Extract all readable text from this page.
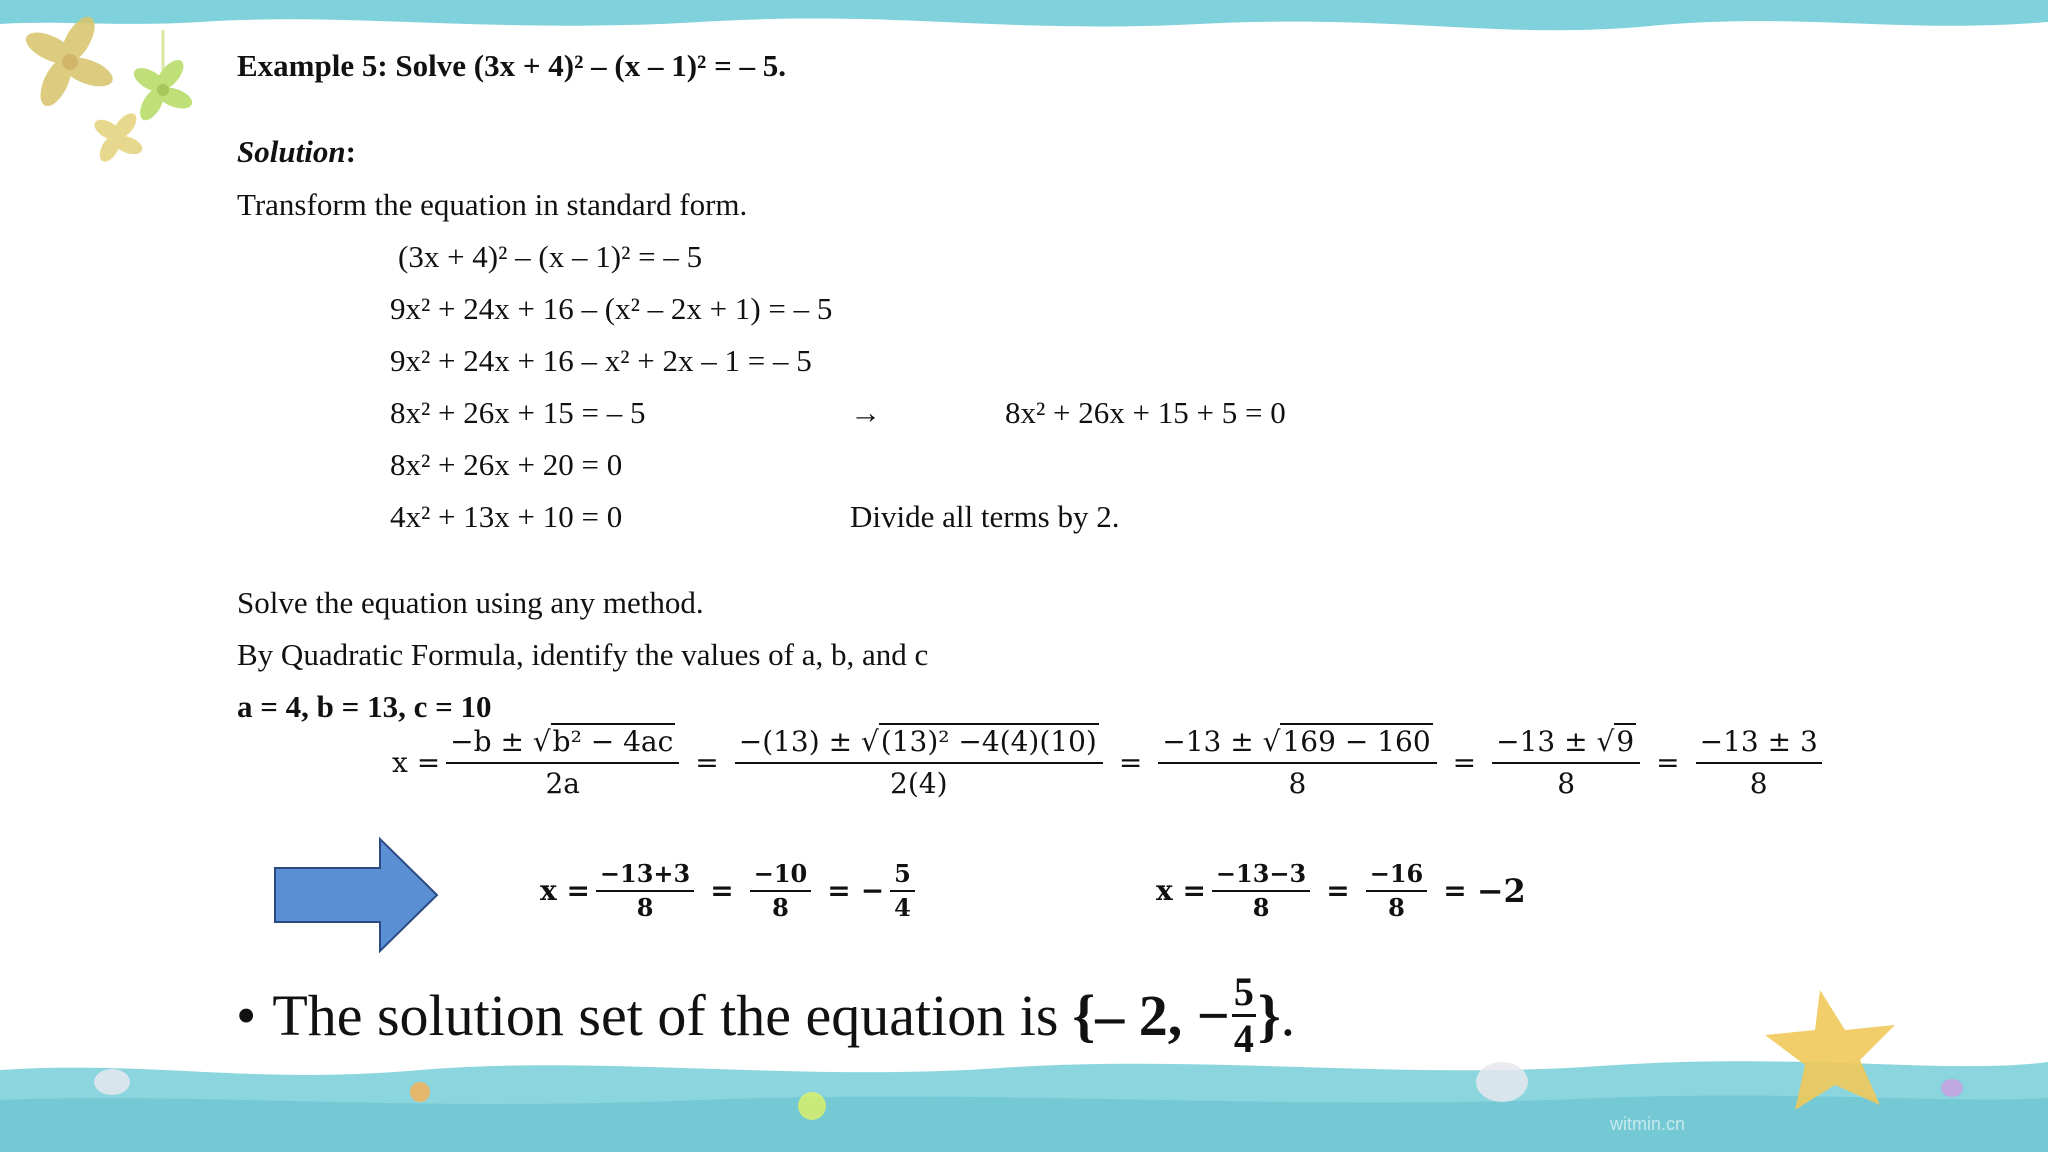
witmin.cn
Example 5: Solve (3x + 4)² – (x – 1)² = – 5.
Solution:
Transform the equation in standard form.
(3x + 4)² – (x – 1)² = – 5
9x² + 24x + 16 – (x² – 2x + 1) = – 5
9x² + 24x + 16 – x² + 2x – 1 = – 5
8x² + 26x + 15 = – 5	→	8x² + 26x + 15 + 5 = 0
8x² + 26x + 20 = 0
4x² + 13x + 10 = 0	Divide all terms by 2.
Solve the equation using any method.
By Quadratic Formula, identify the values of a, b, and c
a = 4, b = 13, c = 10
$x = \frac{\text{−b ± √b² − 4ac}}{2a} = \frac{\text{−(13) ± √(13)² −4(4)(10)}}{2(4)} = \frac{-13 \pm √169 - 160}{8} = \frac{-13 \pm √9}{8} = \frac{-13 \pm 3}{8}$
$x = \frac{-13+3}{8} = \frac{-10}{8}$ = − $\frac{5}{4}$	$x = \frac{-13-3}{8} = \frac{-16}{8} = -2$
• The solution set of the equation is {– 2, − $\frac{5}{4}$ } .
